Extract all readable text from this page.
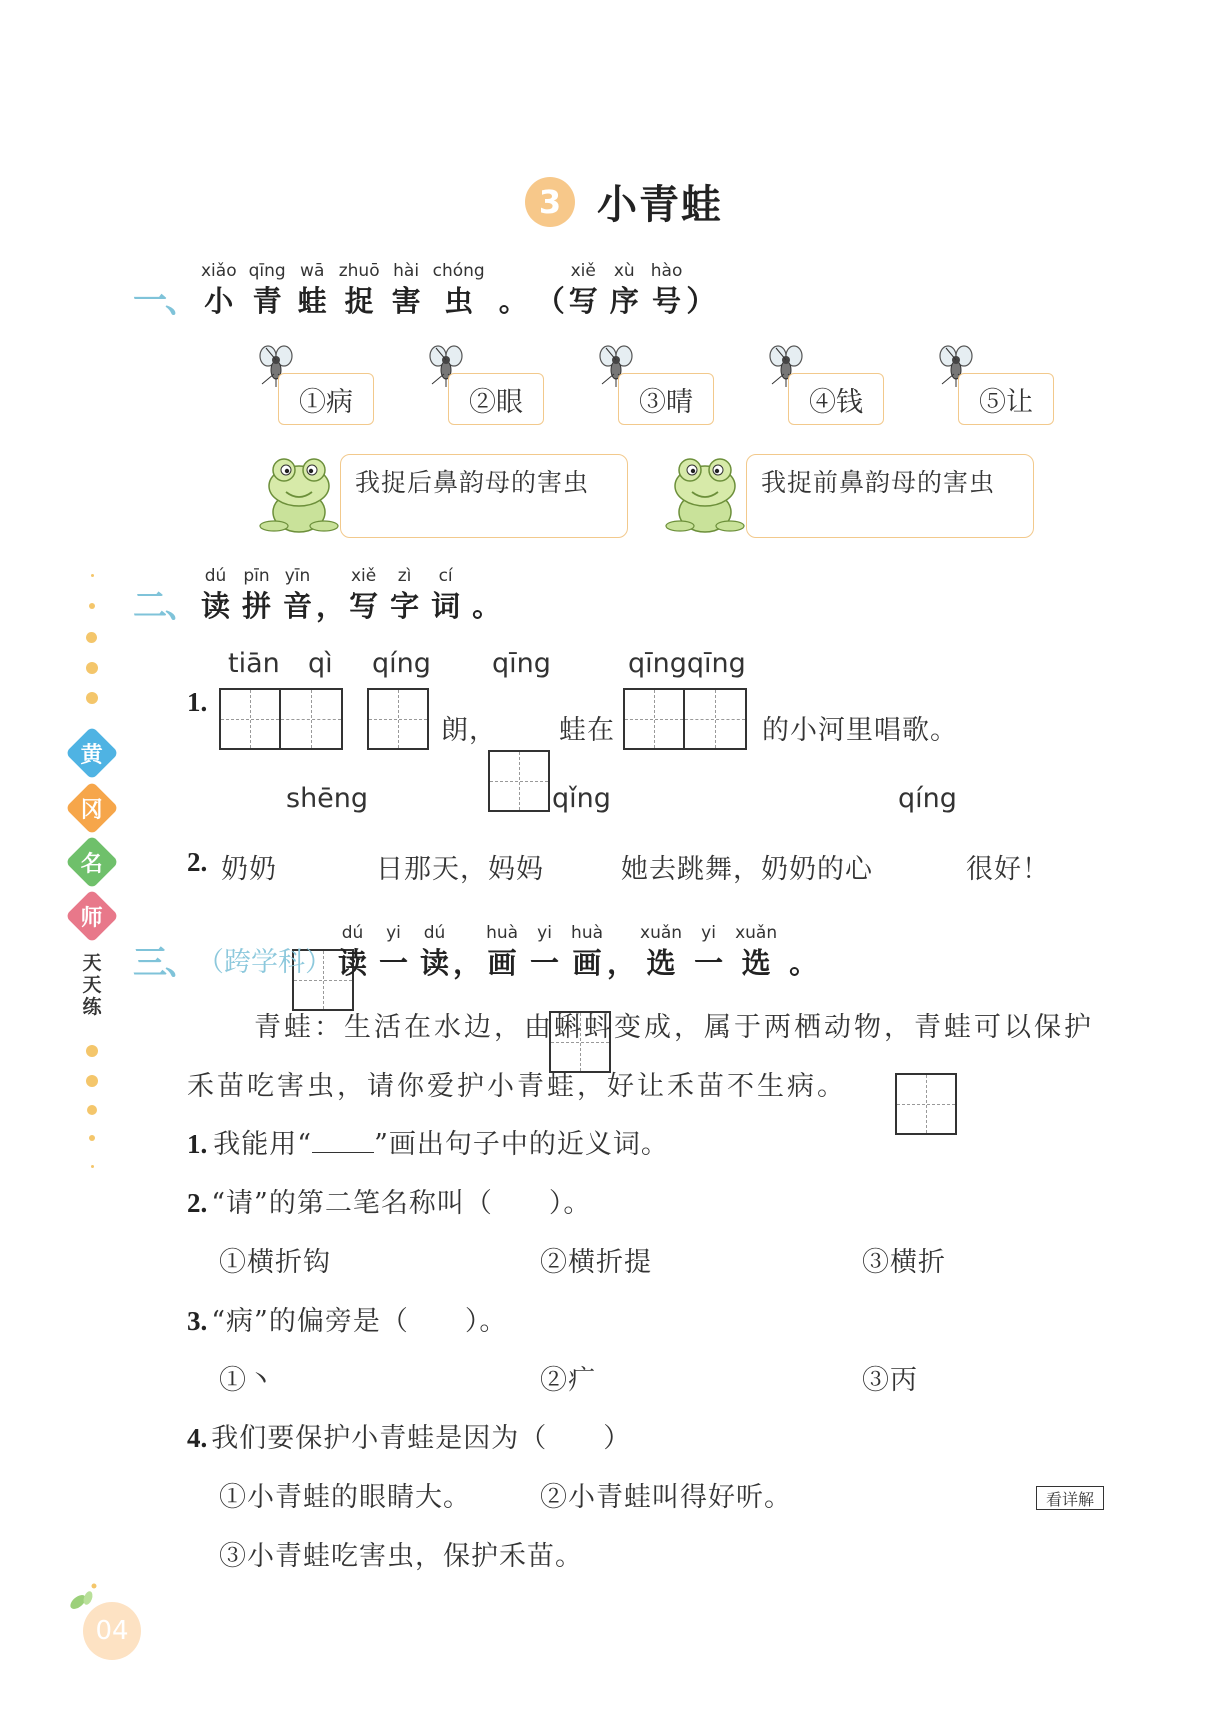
3 小青蛙
一、
xiǎo
小
qīng
青
wā
蛙
zhuō
捉
hài
害
chóng
虫 。 （
xiě
写
xù
序
hào
号 ）
①病	②眼	③晴	④钱	⑤让
我捉后鼻韵母的害虫	我捉前鼻韵母的害虫
二、
dú
读
pīn
拼
yīn
音 ，
xiě
写
zì
字
cí
词 。
tiān qì qíng qīng	qīngqīng
1.
朗， 蛙在	的小河里唱歌。
shēng	qǐng	qíng
2. 奶奶	日那天，妈妈	她去跳舞，奶奶的心	很好！
三、 （跨学科）
dú
读
yi
一
dú
读 ，
huà
画
yi
一
huà
画 ，
xuǎn
选
yi
一
xuǎn
选 。
青蛙：生活在水边，由蝌蚪变成，属于两栖动物，青蛙可以保护
禾苗吃害虫，请你爱护小青蛙，好让禾苗不生病。
1. 我能用“ ”画出句子中的近义词。
2. “请”的第二笔名称叫（　　）。
①横折钩	②横折提	③横折
3. “病”的偏旁是（　　）。
①丶	②疒	③丙
4. 我们要保护小青蛙是因为（　　）
①小青蛙的眼睛大。	②小青蛙叫得好听。
③小青蛙吃害虫，保护禾苗。
看详解
黄
冈
名
师
天
天
练
04
